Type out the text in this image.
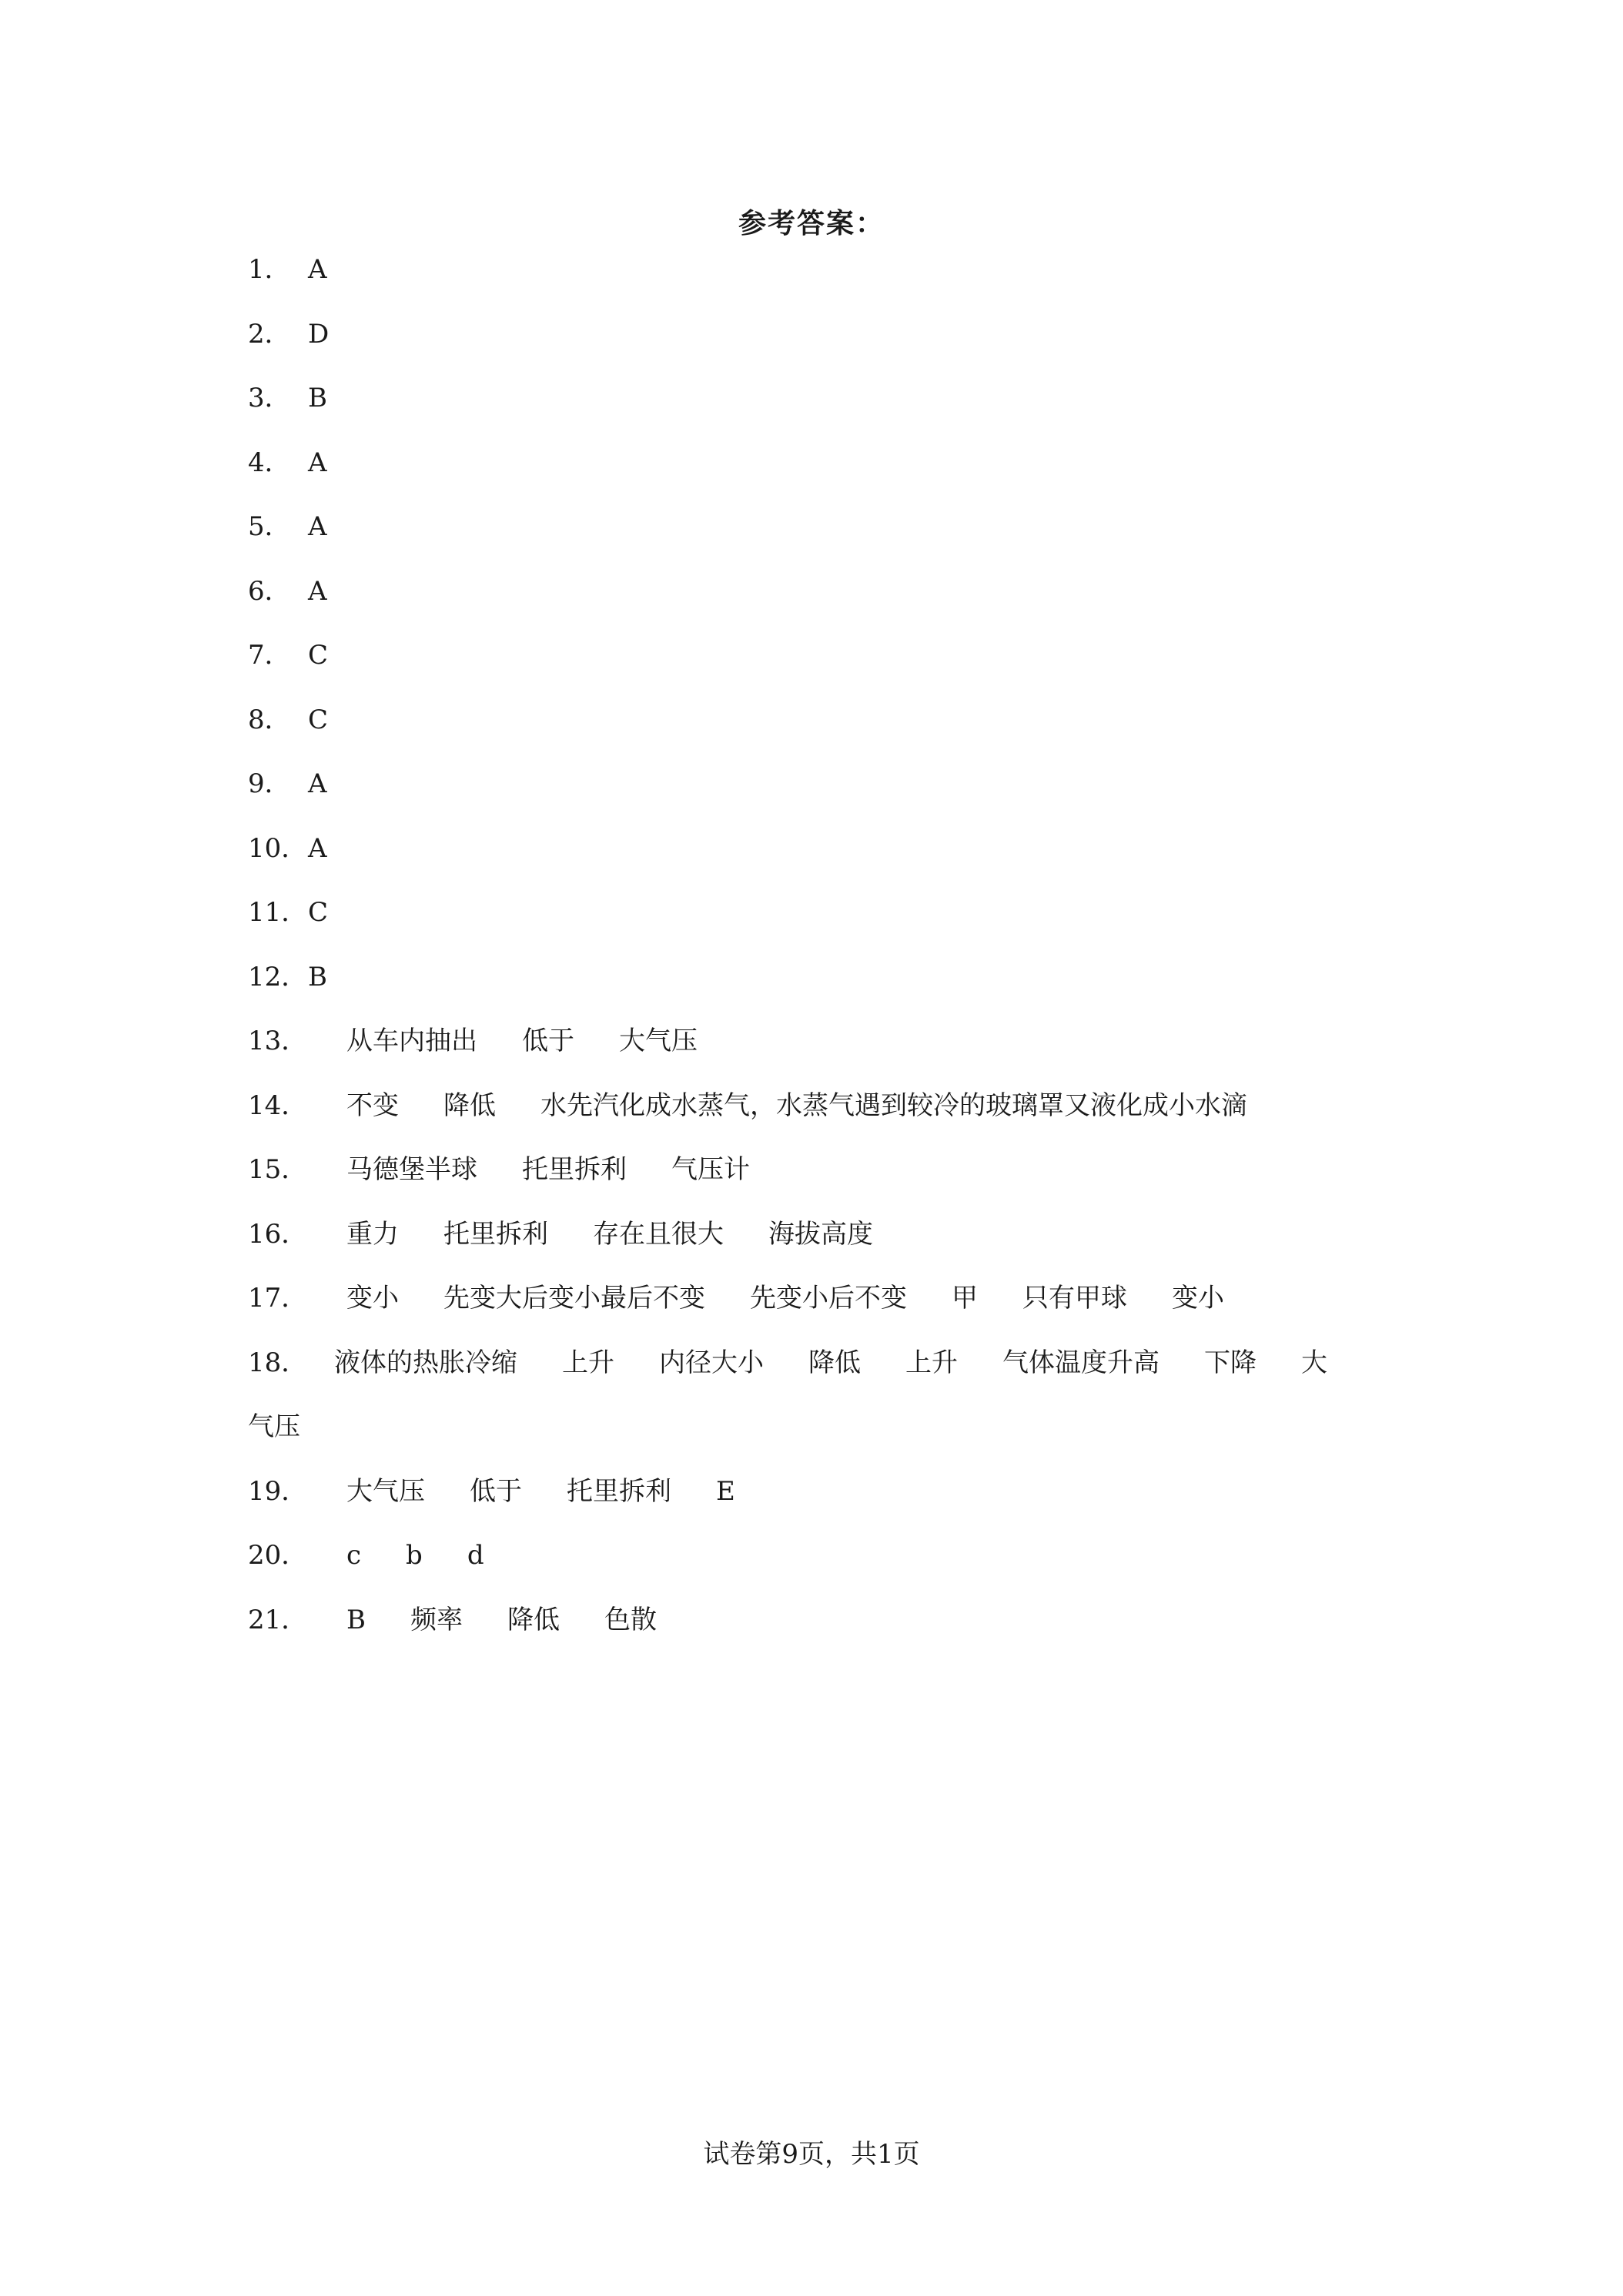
参考答案：
1． A
2． D
3． B
4． A
5． A
6． A
7． C
8． C
9． A
10． A
11． C
12． B
13．	从车内抽出 低于 大气压
14．	不变 降低 水先汽化成水蒸气，水蒸气遇到较冷的玻璃罩又液化成小水滴
15．	马德堡半球 托里拆利 气压计
16．	重力 托里拆利 存在且很大 海拔高度
17．	变小 先变大后变小最后不变 先变小后不变 甲 只有甲球 变小
18．	液体的热胀冷缩 上升 内径大小 降低 上升 气体温度升高 下降 大
气压
19．	大气压 低于 托里拆利 E
20．	c b d
21．	B 频率 降低 色散
试卷第9页，共1页
